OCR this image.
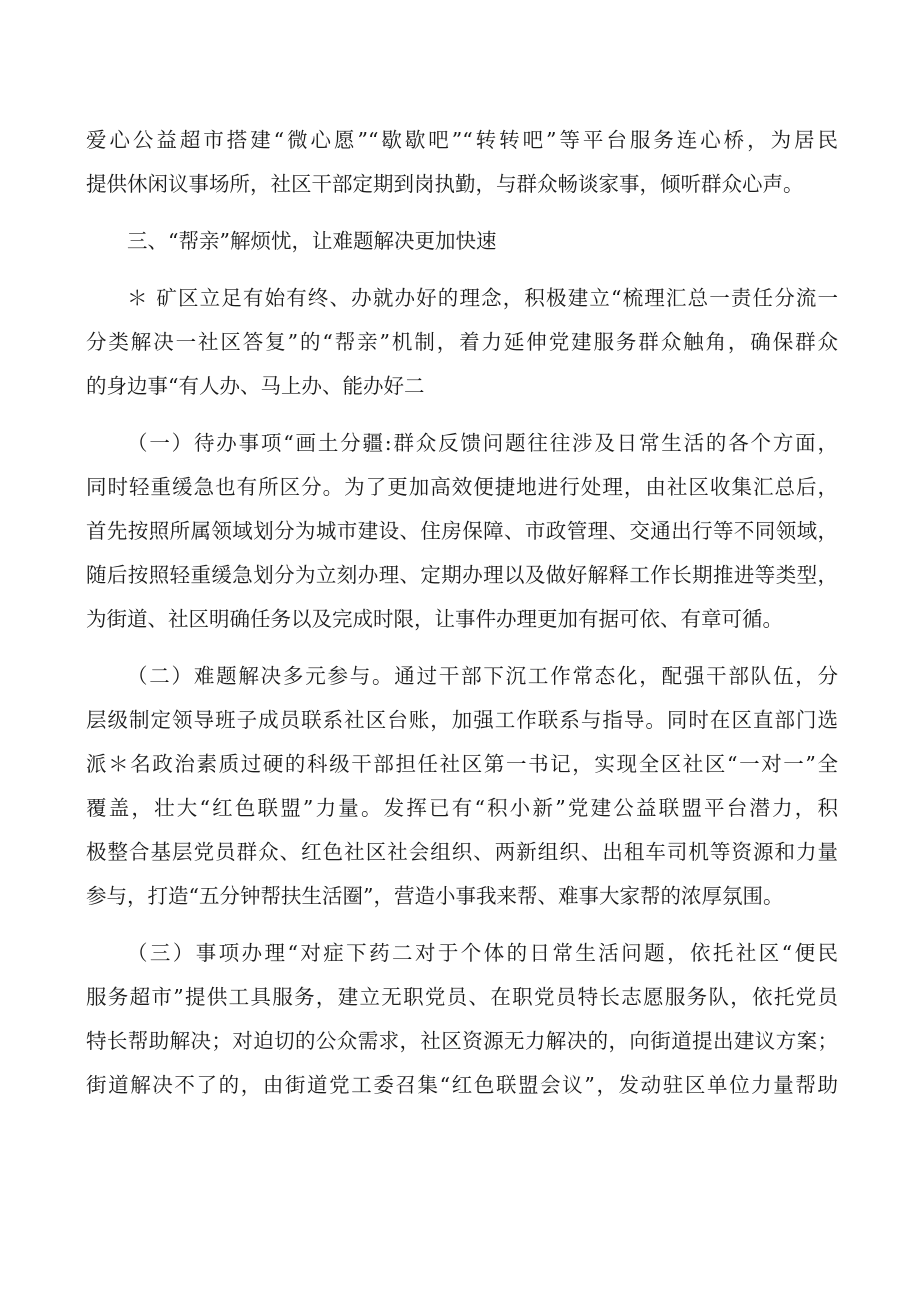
爱心公益超市搭建“微心愿”“歇歇吧”“转转吧”等平台服务连心桥，为居民
提供休闲议事场所，社区干部定期到岗执勤，与群众畅谈家事，倾听群众心声。
三、“帮亲”解烦忧，让难题解决更加快速
＊ 矿区立足有始有终、办就办好的理念，积极建立“梳理汇总一责任分流一
分类解决一社区答复”的“帮亲”机制，着力延伸党建服务群众触角，确保群众
的身边事“有人办、马上办、能办好二
（一）待办事项“画土分疆:群众反馈问题往往涉及日常生活的各个方面，
同时轻重缓急也有所区分。为了更加高效便捷地进行处理，由社区收集汇总后，
首先按照所属领域划分为城市建设、住房保障、市政管理、交通出行等不同领域，
随后按照轻重缓急划分为立刻办理、定期办理以及做好解释工作长期推进等类型，
为街道、社区明确任务以及完成时限，让事件办理更加有据可依、有章可循。
（二）难题解决多元参与。通过干部下沉工作常态化，配强干部队伍，分
层级制定领导班子成员联系社区台账，加强工作联系与指导。同时在区直部门选
派＊名政治素质过硬的科级干部担任社区第一书记，实现全区社区“一对一”全
覆盖，壮大“红色联盟”力量。发挥已有“积小新”党建公益联盟平台潜力，积
极整合基层党员群众、红色社区社会组织、两新组织、出租车司机等资源和力量
参与，打造“五分钟帮扶生活圈”，营造小事我来帮、难事大家帮的浓厚氛围。
（三）事项办理“对症下药二对于个体的日常生活问题，依托社区“便民
服务超市”提供工具服务，建立无职党员、在职党员特长志愿服务队，依托党员
特长帮助解决；对迫切的公众需求，社区资源无力解决的，向街道提出建议方案；
街道解决不了的，由街道党工委召集“红色联盟会议”，发动驻区单位力量帮助
